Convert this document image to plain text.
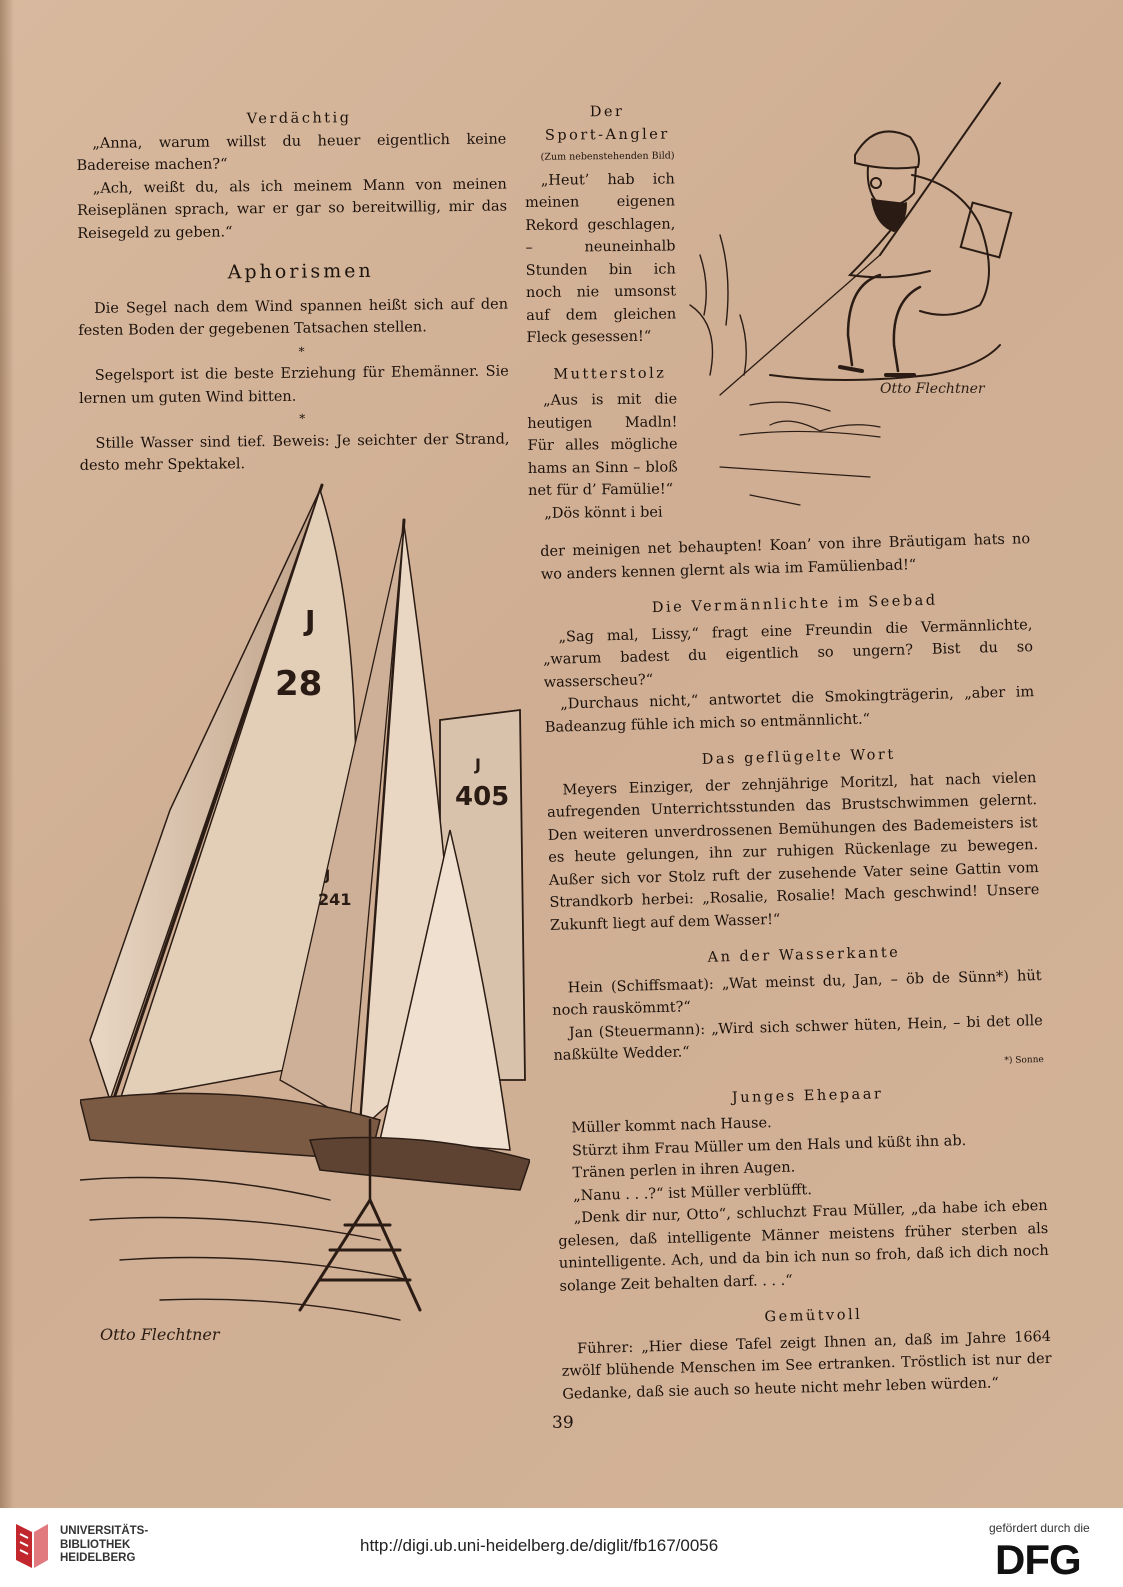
Verdächtig

„Anna, warum willst du heuer eigentlich keine Badereise machen?“

„Ach, weißt du, als ich meinem Mann von meinen Reiseplänen sprach, war er gar so bereitwillig, mir das Reisegeld zu geben.“

Aphorismen

Die Segel nach dem Wind spannen heißt sich auf den festen Boden der gegebenen Tatsachen stellen.

*

Segelsport ist die beste Erziehung für Ehemänner. Sie lernen um guten Wind bitten.

*

Stille Wasser sind tief. Beweis: Je seichter der Strand, desto mehr Spektakel.

Der

Sport-Angler

(Zum nebenstehenden Bild)

„Heut’ hab ich meinen eigenen Rekord geschlagen, – neuneinhalb Stunden bin ich noch nie umsonst auf dem gleichen Fleck gesessen!“

Mutterstolz

„Aus is mit die heutigen Madln! Für alles mögliche hams an Sinn – bloß net für d’ Famülie!“

„Dös könnt i bei

der meinigen net behaupten! Koan’ von ihre Bräutigam hats no wo anders kennen glernt als wia im Famülienbad!“

Die Vermännlichte im Seebad

„Sag mal, Lissy,“ fragt eine Freundin die Vermännlichte, „warum badest du eigentlich so ungern? Bist du so wasserscheu?“

„Durchaus nicht,“ antwortet die Smokingträgerin, „aber im Badeanzug fühle ich mich so entmännlicht.“

Das geflügelte Wort

Meyers Einziger, der zehnjährige Moritzl, hat nach vielen aufregenden Unterrichtsstunden das Brustschwimmen gelernt. Den weiteren unverdrossenen Bemühungen des Bademeisters ist es heute gelungen, ihn zur ruhigen Rückenlage zu bewegen. Außer sich vor Stolz ruft der zusehende Vater seine Gattin vom Strandkorb herbei: „Rosalie, Rosalie! Mach geschwind! Unsere Zukunft liegt auf dem Wasser!“

An der Wasserkante

Hein (Schiffsmaat): „Wat meinst du, Jan, – öb de Sünn*) hüt noch rauskömmt?“

Jan (Steuermann): „Wird sich schwer hüten, Hein, – bi det olle naßkülte Wedder.“	*) Sonne

Junges Ehepaar

Müller kommt nach Hause.

Stürzt ihm Frau Müller um den Hals und küßt ihn ab.

Tränen perlen in ihren Augen.

„Nanu . . .?“ ist Müller verblüfft.

„Denk dir nur, Otto“, schluchzt Frau Müller, „da habe ich eben gelesen, daß intelligente Männer meistens früher sterben als unintelligente. Ach, und da bin ich nun so froh, daß ich dich noch solange Zeit behalten darf. . . .“

Gemütvoll

Führer: „Hier diese Tafel zeigt Ihnen an, daß im Jahre 1664 zwölf blühende Menschen im See ertranken. Tröstlich ist nur der Gedanke, daß sie auch so heute nicht mehr leben würden.“

Otto Flechtner
J
28
J
405
J
241
Otto Flechtner
39
UNIVERSITÄTS-
BIBLIOTHEK
HEIDELBERG
http://digi.ub.uni-heidelberg.de/diglit/fb167/0056
gefördert durch die
DFG
